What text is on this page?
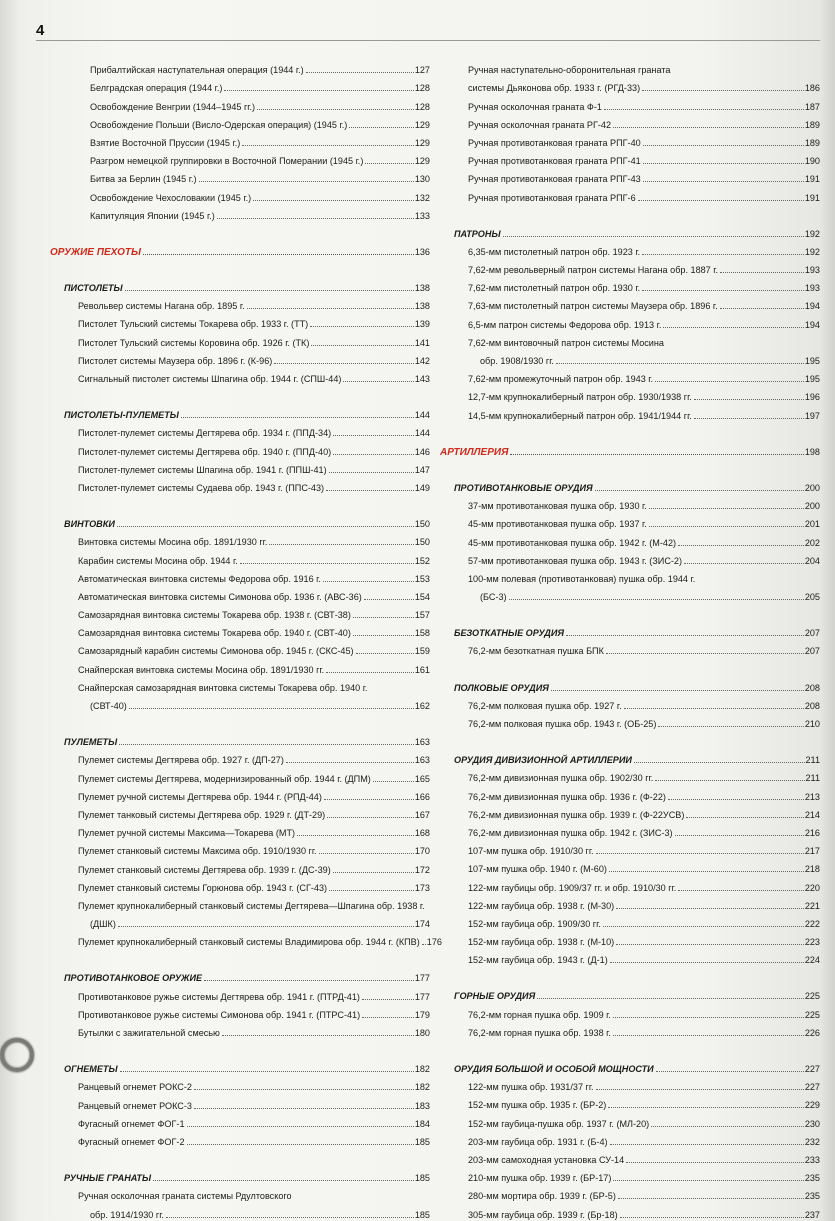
4
Прибалтийская наступательная операция (1944 г.)	127
Белградская операция (1944 г.)	128
Освобождение Венгрии (1944–1945 гг.)	128
Освобождение Польши (Висло-Одерская операция) (1945 г.)	129
Взятие Восточной Пруссии (1945 г.)	129
Разгром немецкой группировки в Восточной Померании (1945 г.)	129
Битва за Берлин (1945 г.)	130
Освобождение Чехословакии (1945 г.)	132
Капитуляция Японии (1945 г.)	133
ОРУЖИЕ ПЕХОТЫ	136
ПИСТОЛЕТЫ	138
Револьвер системы Нагана обр. 1895 г.	138
Пистолет Тульский системы Токарева обр. 1933 г. (ТТ)	139
Пистолет Тульский системы Коровина обр. 1926 г. (ТК)	141
Пистолет системы Маузера обр. 1896 г. (К-96)	142
Сигнальный пистолет системы Шпагина обр. 1944 г. (СПШ-44)	143
ПИСТОЛЕТЫ-ПУЛЕМЕТЫ	144
Пистолет-пулемет системы Дегтярева обр. 1934 г. (ППД-34)	144
Пистолет-пулемет системы Дегтярева обр. 1940 г. (ППД-40)	146
Пистолет-пулемет системы Шпагина обр. 1941 г. (ППШ-41)	147
Пистолет-пулемет системы Судаева обр. 1943 г. (ППС-43)	149
ВИНТОВКИ	150
Винтовка системы Мосина обр. 1891/1930 гг.	150
Карабин системы Мосина обр. 1944 г.	152
Автоматическая винтовка системы Федорова обр. 1916 г.	153
Автоматическая винтовка системы Симонова обр. 1936 г. (АВС-36)	154
Самозарядная винтовка системы Токарева обр. 1938 г. (СВТ-38)	157
Самозарядная винтовка системы Токарева обр. 1940 г. (СВТ-40)	158
Самозарядный карабин системы Симонова обр. 1945 г. (СКС-45)	159
Снайперская винтовка системы Мосина обр. 1891/1930 гг.	161
Снайперская самозарядная винтовка системы Токарева обр. 1940 г.
(СВТ-40)	162
ПУЛЕМЕТЫ	163
Пулемет системы Дегтярева обр. 1927 г. (ДП-27)	163
Пулемет системы Дегтярева, модернизированный обр. 1944 г. (ДПМ)	165
Пулемет ручной системы Дегтярева обр. 1944 г. (РПД-44)	166
Пулемет танковый системы Дегтярева обр. 1929 г. (ДТ-29)	167
Пулемет ручной системы Максима—Токарева (МТ)	168
Пулемет станковый системы Максима обр. 1910/1930 гг.	170
Пулемет станковый системы Дегтярева обр. 1939 г. (ДС-39)	172
Пулемет станковый системы Горюнова обр. 1943 г. (СГ-43)	173
Пулемет крупнокалиберный станковый системы Дегтярева—Шпагина обр. 1938 г.
(ДШК)	174
Пулемет крупнокалиберный станковый системы Владимирова обр. 1944 г. (КПВ) 176
ПРОТИВОТАНКОВОЕ ОРУЖИЕ	177
Противотанковое ружье системы Дегтярева обр. 1941 г. (ПТРД-41)	177
Противотанковое ружье системы Симонова обр. 1941 г. (ПТРС-41)	179
Бутылки с зажигательной смесью	180
ОГНЕМЕТЫ	182
Ранцевый огнемет РОКС-2	182
Ранцевый огнемет РОКС-3	183
Фугасный огнемет ФОГ-1	184
Фугасный огнемет ФОГ-2	185
РУЧНЫЕ ГРАНАТЫ	185
Ручная осколочная граната системы Рдултовского
обр. 1914/1930 гг.	185
Ручная наступательно-оборонительная граната
системы Дьяконова обр. 1933 г. (РГД-33)	186
Ручная осколочная граната Ф-1	187
Ручная осколочная граната РГ-42	189
Ручная противотанковая граната РПГ-40	189
Ручная противотанковая граната РПГ-41	190
Ручная противотанковая граната РПГ-43	191
Ручная противотанковая граната РПГ-6	191
ПАТРОНЫ	192
6,35-мм пистолетный патрон обр. 1923 г.	192
7,62-мм револьверный патрон системы Нагана обр. 1887 г.	193
7,62-мм пистолетный патрон обр. 1930 г.	193
7,63-мм пистолетный патрон системы Маузера обр. 1896 г.	194
6,5-мм патрон системы Федорова обр. 1913 г.	194
7,62-мм винтовочный патрон системы Мосина
обр. 1908/1930 гг.	195
7,62-мм промежуточный патрон обр. 1943 г.	195
12,7-мм крупнокалиберный патрон обр. 1930/1938 гг.	196
14,5-мм крупнокалиберный патрон обр. 1941/1944 гг.	197
АРТИЛЛЕРИЯ	198
ПРОТИВОТАНКОВЫЕ ОРУДИЯ	200
37-мм противотанковая пушка обр. 1930 г.	200
45-мм противотанковая пушка обр. 1937 г.	201
45-мм противотанковая пушка обр. 1942 г. (М-42)	202
57-мм противотанковая пушка обр. 1943 г. (ЗИС-2)	204
100-мм полевая (противотанковая) пушка обр. 1944 г.
(БС-3)	205
БЕЗОТКАТНЫЕ ОРУДИЯ	207
76,2-мм безоткатная пушка БПК	207
ПОЛКОВЫЕ ОРУДИЯ	208
76,2-мм полковая пушка обр. 1927 г.	208
76,2-мм полковая пушка обр. 1943 г. (ОБ-25)	210
ОРУДИЯ ДИВИЗИОННОЙ АРТИЛЛЕРИИ	211
76,2-мм дивизионная пушка обр. 1902/30 гг.	211
76,2-мм дивизионная пушка обр. 1936 г. (Ф-22)	213
76,2-мм дивизионная пушка обр. 1939 г. (Ф-22УСВ)	214
76,2-мм дивизионная пушка обр. 1942 г. (ЗИС-3)	216
107-мм пушка обр. 1910/30 гг.	217
107-мм пушка обр. 1940 г. (М-60)	218
122-мм гаубицы обр. 1909/37 гг. и обр. 1910/30 гг.	220
122-мм гаубица обр. 1938 г. (М-30)	221
152-мм гаубица обр. 1909/30 гг.	222
152-мм гаубица обр. 1938 г. (М-10)	223
152-мм гаубица обр. 1943 г. (Д-1)	224
ГОРНЫЕ ОРУДИЯ	225
76,2-мм горная пушка обр. 1909 г.	225
76,2-мм горная пушка обр. 1938 г.	226
ОРУДИЯ БОЛЬШОЙ И ОСОБОЙ МОЩНОСТИ	227
122-мм пушка обр. 1931/37 гг.	227
152-мм пушка обр. 1935 г. (БР-2)	229
152-мм гаубица-пушка обр. 1937 г. (МЛ-20)	230
203-мм гаубица обр. 1931 г. (Б-4)	232
203-мм самоходная установка СУ-14	233
210-мм пушка обр. 1939 г. (БР-17)	235
280-мм мортира обр. 1939 г. (БР-5)	235
305-мм гаубица обр. 1939 г. (Бр-18)	237
